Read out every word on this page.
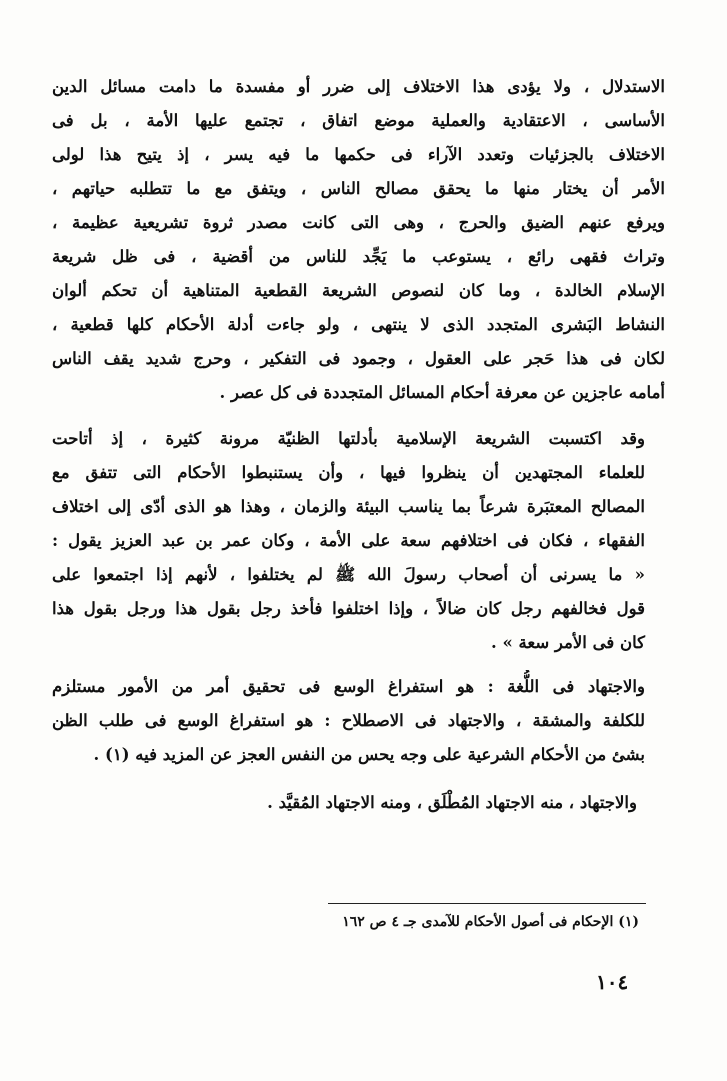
الاستدلال ، ولا يؤدى هذا الاختلاف إلى ضرر أو مفسدة ما دامت مسائل الدين
الأساسى ، الاعتقادية والعملية موضع اتفاق ، تجتمع عليها الأمة ، بل فى
الاختلاف بالجزئيات وتعدد الآراء فى حكمها ما فيه يسر ، إذ يتيح هذا لولى
الأمر أن يختار منها ما يحقق مصالح الناس ، ويتفق مع ما تتطلبه حياتهم ،
ويرفع عنهم الضيق والحرج ، وهى التى كانت مصدر ثروة تشريعية عظيمة ،
وتراث فقهى رائع ، يستوعب ما يَجِّد للناس من أقضية ، فى ظل شريعة
الإسلام الخالدة ، وما كان لنصوص الشريعة القطعية المتناهية أن تحكم ألوان
النشاط البَشرى المتجدد الذى لا ينتهى ، ولو جاءت أدلة الأحكام كلها قطعية ،
لكان فى هذا حَجر على العقول ، وجمود فى التفكير ، وحرج شديد يقف الناس
أمامه عاجزين عن معرفة أحكام المسائل المتجددة فى كل عصر .

وقد اكتسبت الشريعة الإسلامية بأدلتها الظنيّة مرونة كثيرة ، إذ أتاحت
للعلماء المجتهدين أن ينظروا فيها ، وأن يستنبطوا الأحكام التى تتفق مع
المصالح المعتبَرة شرعاً بما يناسب البيئة والزمان ، وهذا هو الذى أدّى إلى اختلاف
الفقهاء ، فكان فى اختلافهم سعة على الأمة ، وكان عمر بن عبد العزيز يقول :
« ما يسرنى أن أصحاب رسولَ الله ﷺ لم يختلفوا ، لأنهم إذا اجتمعوا على
قول فخالفهم رجل كان ضالاً ، وإذا اختلفوا فأخذ رجل بقول هذا ورجل بقول هذا
كان فى الأمر سعة » .

والاجتهاد فى اللُّغة : هو استفراغ الوسع فى تحقيق أمر من الأمور مستلزم
للكلفة والمشقة ، والاجتهاد فى الاصطلاح : هو استفراغ الوسع فى طلب الظن
بشئ من الأحكام الشرعية على وجه يحس من النفس العجز عن المزيد فيه (١) .

والاجتهاد ، منه الاجتهاد المُطْلَق ، ومنه الاجتهاد المُقيَّد .

(١) الإحكام فى أصول الأحكام للآمدى جـ ٤ ص ١٦٢
١٠٤
